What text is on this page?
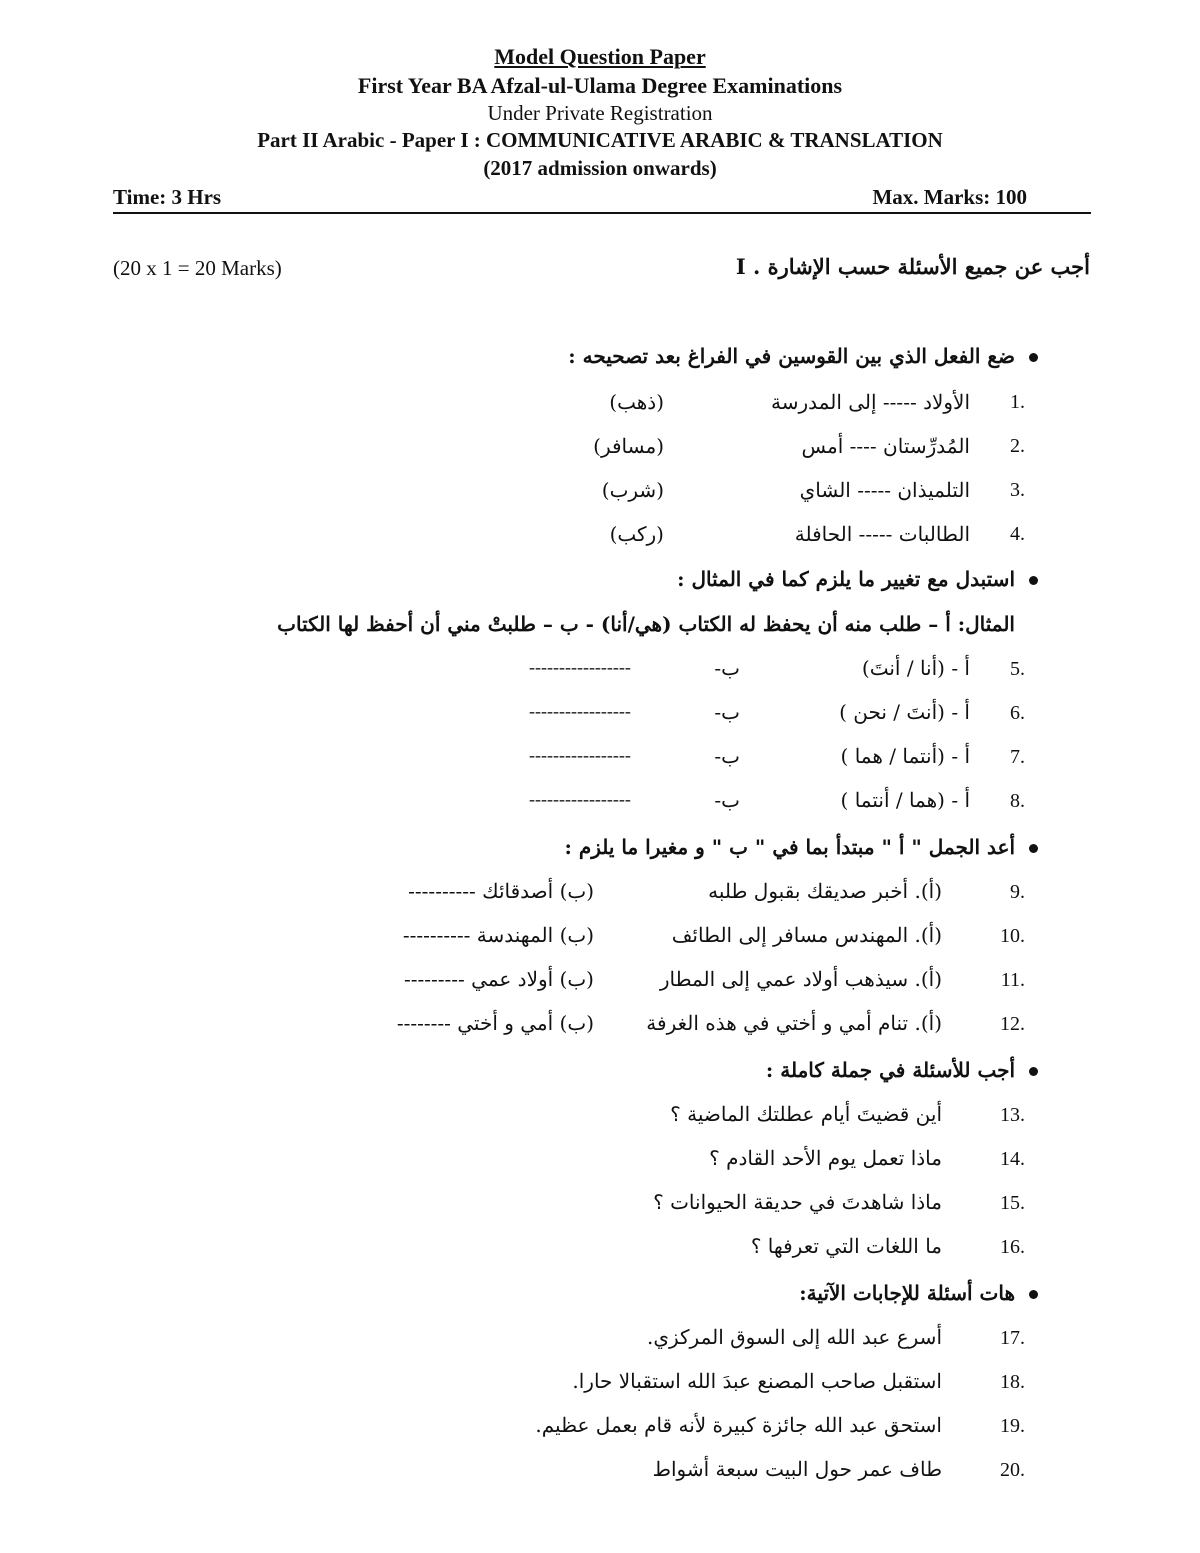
Model Question Paper
First Year BA Afzal-ul-Ulama Degree Examinations
Under Private Registration
Part II Arabic - Paper I : COMMUNICATIVE ARABIC & TRANSLATION
(2017 admission onwards)
Time: 3 Hrs	Max. Marks: 100
(20 x 1 = 20 Marks)	I . أجب عن جميع الأسئلة حسب الإشارة
ضع الفعل الذي بين القوسين في الفراغ بعد تصحيحه :
1.
الأولاد ----- إلى المدرسة
(ذهب)
2.
المُدرِّستان ---- أمس
(مسافر)
3.
التلميذان ----- الشاي
(شرب)
4.
الطالبات ----- الحافلة
(ركب)
استبدل مع تغيير ما يلزم كما في المثال :
المثال: أ – طلب منه أن يحفظ له الكتاب (هي/أنا) - ب – طلبتْ مني أن أحفظ لها الكتاب
5.
أ - (أنا / أنتَ)
ب-
-----------------
6.
أ - (أنتَ / نحن )
ب-
-----------------
7.
أ - (أنتما / هما )
ب-
-----------------
8.
أ - (هما / أنتما )
ب-
-----------------
أعد الجمل " أ " مبتدأ بما في " ب " و مغيرا ما يلزم :
9.
(أ). أخبر صديقك بقبول طلبه
(ب) أصدقائك ----------
10.
(أ). المهندس مسافر إلى الطائف
(ب) المهندسة ----------
11.
(أ). سيذهب أولاد عمي إلى المطار
(ب) أولاد عمي ---------
12.
(أ). تنام أمي و أختي في هذه الغرفة
(ب) أمي و أختي --------
أجب للأسئلة في جملة كاملة :
13.
أين قضيتَ أيام عطلتك الماضية ؟
14.
ماذا تعمل يوم الأحد القادم ؟
15.
ماذا شاهدتَ في حديقة الحيوانات ؟
16.
ما اللغات التي تعرفها ؟
هات أسئلة للإجابات الآتية:
17.
أسرع عبد الله إلى السوق المركزي.
18.
استقبل صاحب المصنع عبدَ الله استقبالا حارا.
19.
استحق عبد الله جائزة كبيرة لأنه قام بعمل عظيم.
20.
طاف عمر حول البيت سبعة أشواط
